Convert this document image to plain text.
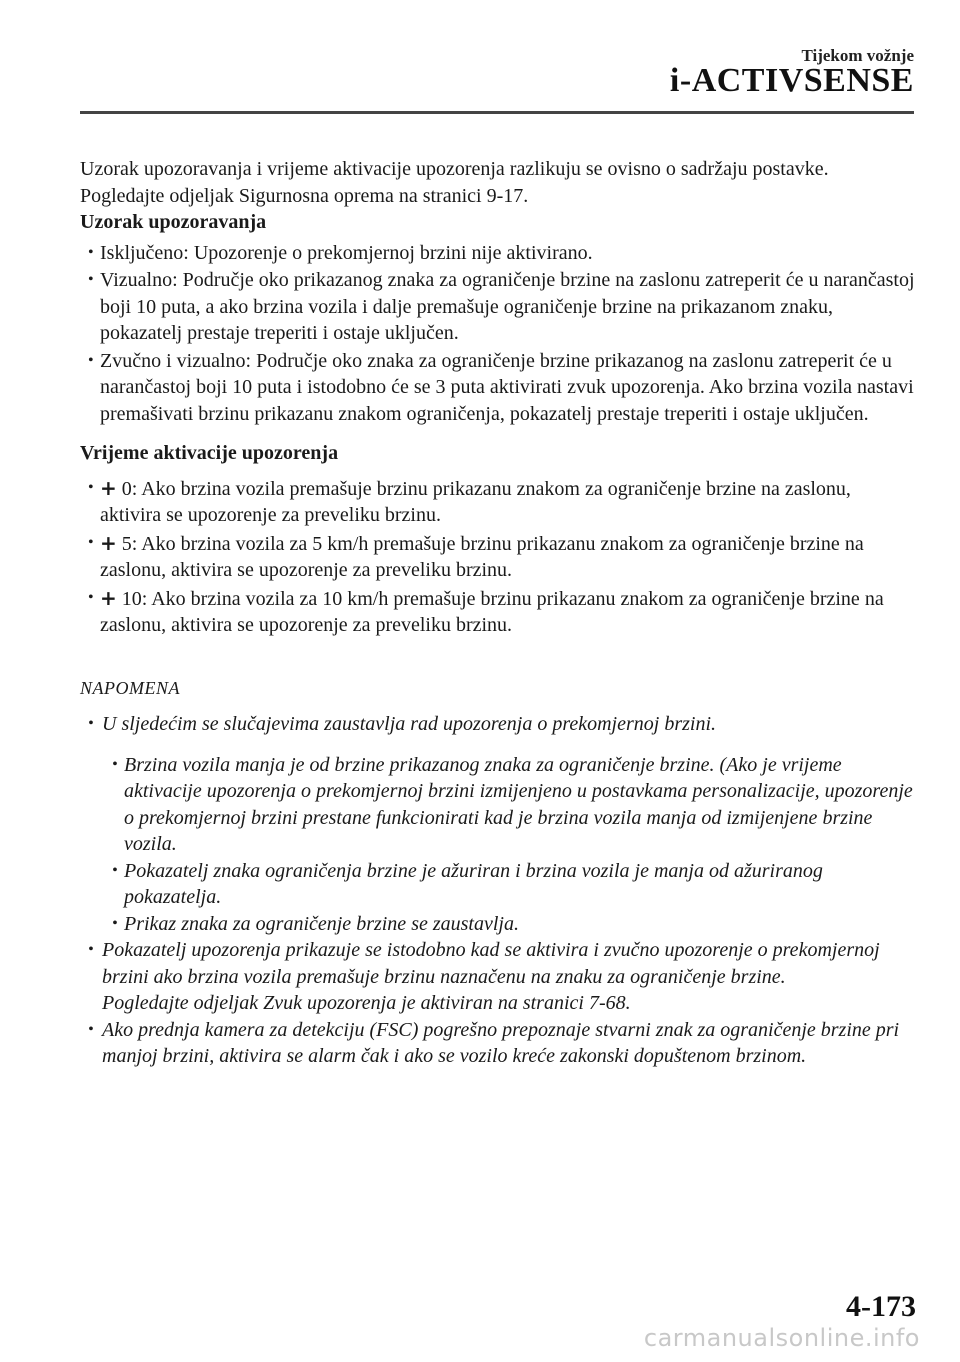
Tijekom vožnje
i-ACTIVSENSE

Uzorak upozoravanja i vrijeme aktivacije upozorenja razlikuju se ovisno o sadržaju postavke.

Pogledajte odjeljak Sigurnosna oprema na stranici 9-17.

Uzorak upozoravanja

• Isključeno: Upozorenje o prekomjernoj brzini nije aktivirano.
• Vizualno: Područje oko prikazanog znaka za ograničenje brzine na zaslonu zatreperit će u narančastoj boji 10 puta, a ako brzina vozila i dalje premašuje ograničenje brzine na prikazanom znaku, pokazatelj prestaje treperiti i ostaje uključen.
• Zvučno i vizualno: Područje oko znaka za ograničenje brzine prikazanog na zaslonu zatreperit će u narančastoj boji 10 puta i istodobno će se 3 puta aktivirati zvuk upozorenja. Ako brzina vozila nastavi premašivati brzinu prikazanu znakom ograničenja, pokazatelj prestaje treperiti i ostaje uključen.

Vrijeme aktivacije upozorenja

• + 0: Ako brzina vozila premašuje brzinu prikazanu znakom za ograničenje brzine na zaslonu, aktivira se upozorenje za preveliku brzinu.
• + 5: Ako brzina vozila za 5 km/h premašuje brzinu prikazanu znakom za ograničenje brzine na zaslonu, aktivira se upozorenje za preveliku brzinu.
• + 10: Ako brzina vozila za 10 km/h premašuje brzinu prikazanu znakom za ograničenje brzine na zaslonu, aktivira se upozorenje za preveliku brzinu.
NAPOMENA
• U sljedećim se slučajevima zaustavlja rad upozorenja o prekomjernoj brzini.
• Brzina vozila manja je od brzine prikazanog znaka za ograničenje brzine. (Ako je vrijeme aktivacije upozorenja o prekomjernoj brzini izmijenjeno u postavkama personalizacije, upozorenje o prekomjernoj brzini prestane funkcionirati kad je brzina vozila manja od izmijenjene brzine vozila.
• Pokazatelj znaka ograničenja brzine je ažuriran i brzina vozila je manja od ažuriranog pokazatelja.
• Prikaz znaka za ograničenje brzine se zaustavlja.
• Pokazatelj upozorenja prikazuje se istodobno kad se aktivira i zvučno upozorenje o prekomjernoj brzini ako brzina vozila premašuje brzinu naznačenu na znaku za ograničenje brzine.
Pogledajte odjeljak Zvuk upozorenja je aktiviran na stranici 7-68.
• Ako prednja kamera za detekciju (FSC) pogrešno prepoznaje stvarni znak za ograničenje brzine pri manjoj brzini, aktivira se alarm čak i ako se vozilo kreće zakonski dopuštenom brzinom.
4-173
carmanualsonline.info
